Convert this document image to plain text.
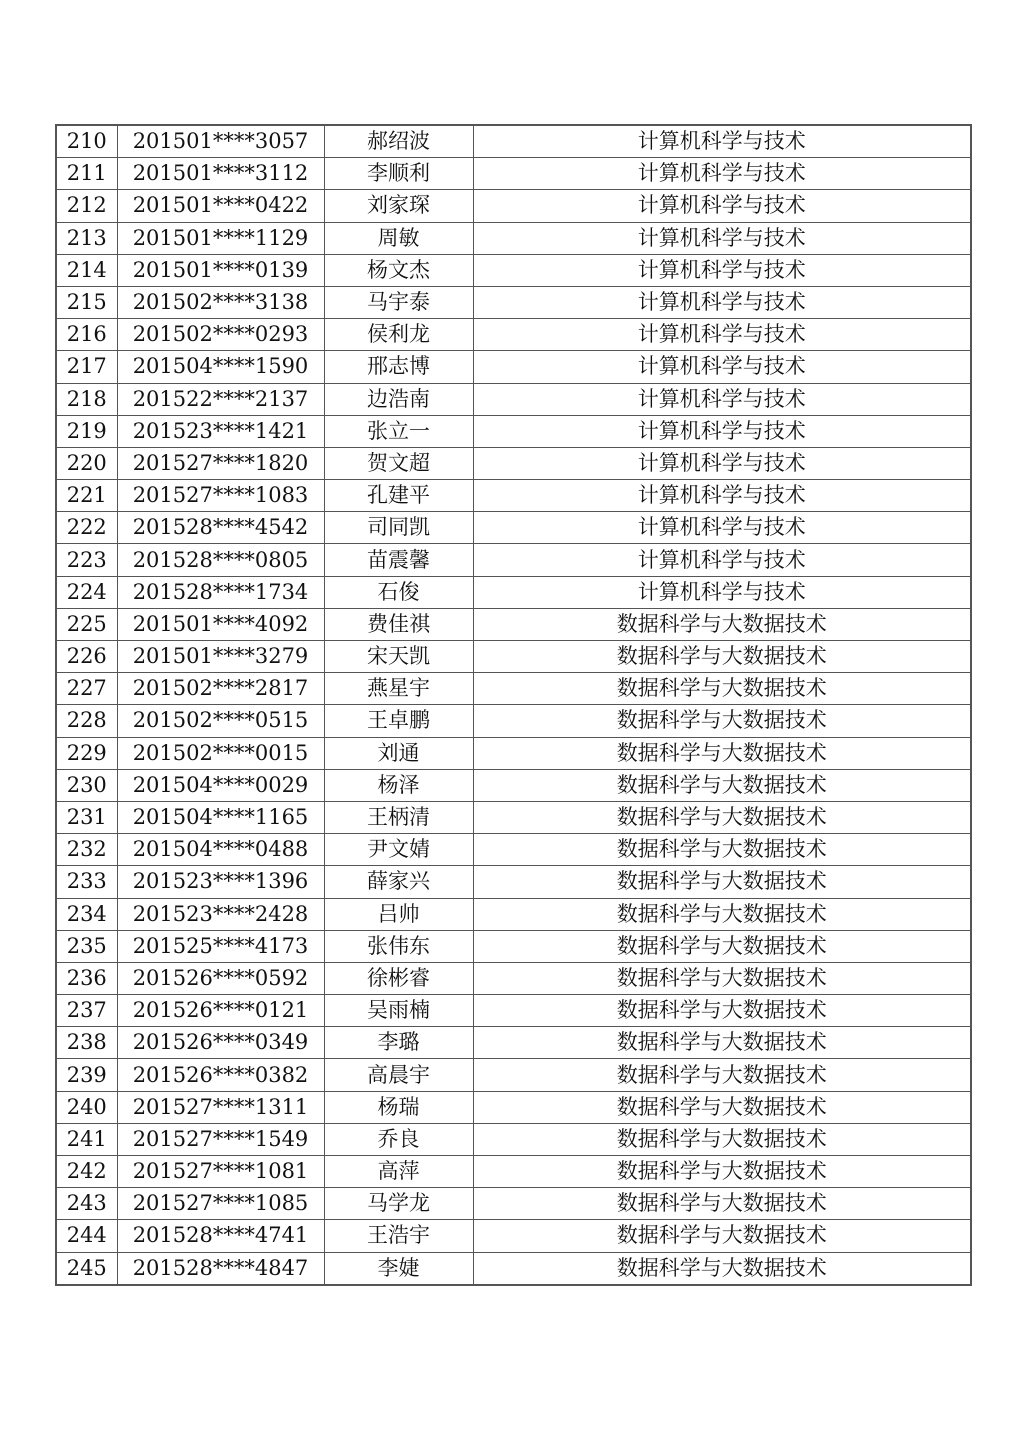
210	201501****3057	郝绍波	计算机科学与技术
211	201501****3112	李顺利	计算机科学与技术
212	201501****0422	刘家琛	计算机科学与技术
213	201501****1129	周敏	计算机科学与技术
214	201501****0139	杨文杰	计算机科学与技术
215	201502****3138	马宇泰	计算机科学与技术
216	201502****0293	侯利龙	计算机科学与技术
217	201504****1590	邢志博	计算机科学与技术
218	201522****2137	边浩南	计算机科学与技术
219	201523****1421	张立一	计算机科学与技术
220	201527****1820	贺文超	计算机科学与技术
221	201527****1083	孔建平	计算机科学与技术
222	201528****4542	司同凯	计算机科学与技术
223	201528****0805	苗震馨	计算机科学与技术
224	201528****1734	石俊	计算机科学与技术
225	201501****4092	费佳祺	数据科学与大数据技术
226	201501****3279	宋天凯	数据科学与大数据技术
227	201502****2817	燕星宇	数据科学与大数据技术
228	201502****0515	王卓鹏	数据科学与大数据技术
229	201502****0015	刘通	数据科学与大数据技术
230	201504****0029	杨泽	数据科学与大数据技术
231	201504****1165	王柄清	数据科学与大数据技术
232	201504****0488	尹文婧	数据科学与大数据技术
233	201523****1396	薛家兴	数据科学与大数据技术
234	201523****2428	吕帅	数据科学与大数据技术
235	201525****4173	张伟东	数据科学与大数据技术
236	201526****0592	徐彬睿	数据科学与大数据技术
237	201526****0121	吴雨楠	数据科学与大数据技术
238	201526****0349	李璐	数据科学与大数据技术
239	201526****0382	高晨宇	数据科学与大数据技术
240	201527****1311	杨瑞	数据科学与大数据技术
241	201527****1549	乔良	数据科学与大数据技术
242	201527****1081	高萍	数据科学与大数据技术
243	201527****1085	马学龙	数据科学与大数据技术
244	201528****4741	王浩宇	数据科学与大数据技术
245	201528****4847	李婕	数据科学与大数据技术
